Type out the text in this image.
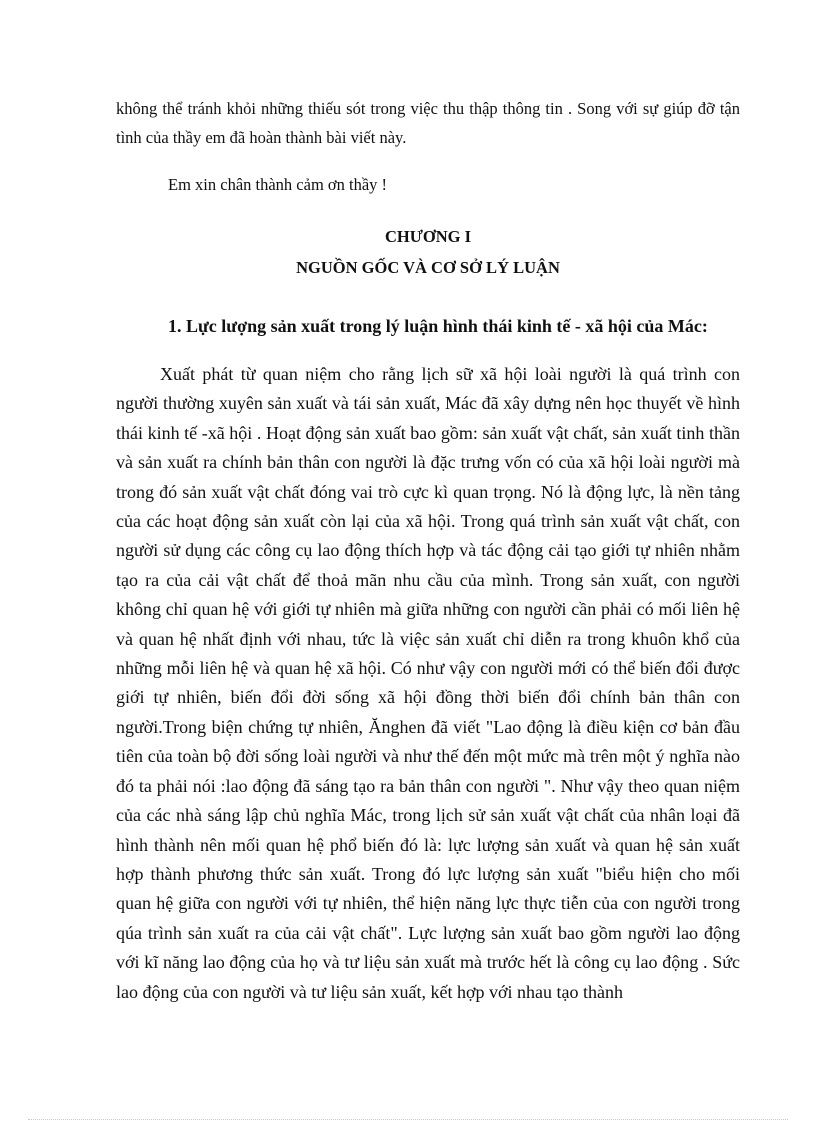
không thể tránh khỏi những thiếu sót trong việc thu thập thông tin . Song với sự giúp đỡ tận tình của thầy em đã hoàn thành bài viết này.

Em xin chân thành cảm ơn thầy !

CHƯƠNG I
NGUỒN GỐC VÀ CƠ SỞ LÝ LUẬN

1. Lực lượng sản xuất trong lý luận hình thái kinh tế - xã hội của Mác:

Xuất phát từ quan niệm cho rằng lịch sữ xã hội loài người là quá trình con người thường xuyên sản xuất và tái sản xuất, Mác đã xây dựng nên học thuyết về hình thái kinh tế -xã hội . Hoạt động sản xuất bao gồm: sản xuất vật chất, sản xuất tinh thần và sản xuất ra chính bản thân con người là đặc trưng vốn có của xã hội loài người mà trong đó sản xuất vật chất đóng vai trò cực kì quan trọng. Nó là động lực, là nền tảng của các hoạt động sản xuất còn lại của xã hội. Trong quá trình sản xuất vật chất, con người sử dụng các công cụ lao động thích hợp và tác động cải tạo giới tự nhiên nhằm tạo ra của cải vật chất để thoả mãn nhu cầu của mình. Trong sản xuất, con người không chỉ quan hệ với giới tự nhiên mà giữa những con người cần phải có mối liên hệ và quan hệ nhất định với nhau, tức là việc sản xuất chỉ diễn ra trong khuôn khổ của những mỗi liên hệ và quan hệ xã hội. Có như vậy con người mới có thể biến đổi được giới tự nhiên, biến đổi đời sống xã hội đồng thời biến đổi chính bản thân con người.Trong biện chứng tự nhiên, Ănghen đã viết "Lao động là điều kiện cơ bản đầu tiên của toàn bộ đời sống loài người và như thế đến một mức mà trên một ý nghĩa nào đó ta phải nói :lao động đã sáng tạo ra bản thân con người ". Như vậy theo quan niệm của các nhà sáng lập chủ nghĩa Mác, trong lịch sử sản xuất vật chất của nhân loại đã hình thành nên mối quan hệ phổ biến đó là: lực lượng sản xuất và quan hệ sản xuất hợp thành phương thức sản xuất. Trong đó lực lượng sản xuất "biểu hiện cho mối quan hệ giữa con người với tự nhiên, thể hiện năng lực thực tiễn của con người trong qúa trình sản xuất ra của cải vật chất". Lực lượng sản xuất bao gồm người lao động với kĩ năng lao động của họ và tư liệu sản xuất mà trước hết là công cụ lao động . Sức lao động của con người và tư liệu sản xuất, kết hợp với nhau tạo thành
